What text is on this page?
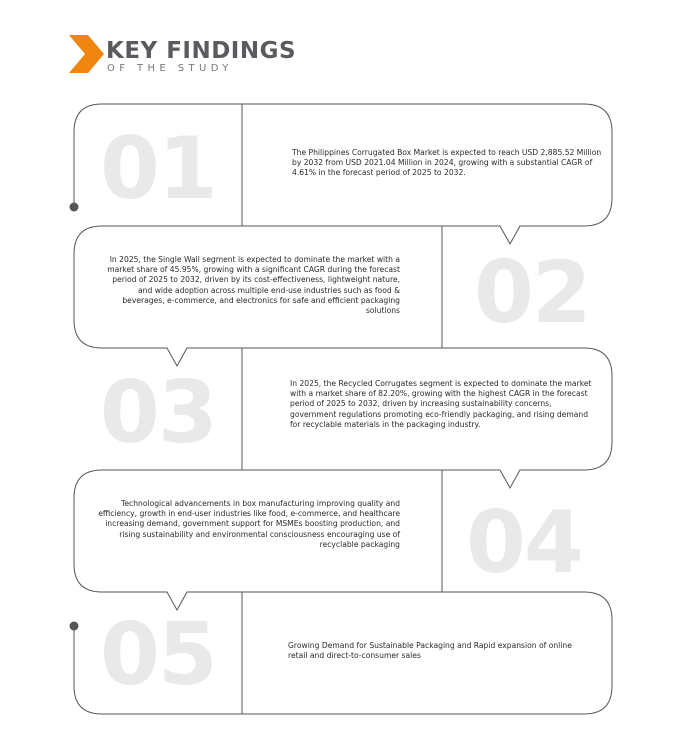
KEY FINDINGS

OF THE STUDY

01	The Philippines Corrugated Box Market is expected to reach USD 2,885.52 Million by 2032 from USD 2021.04 Million in 2024, growing with a substantial CAGR of 4.61% in the forecast period of 2025 to 2032.

02

In 2025, the Single Wall segment is expected to dominate the market with a market share of 45.95%, growing with a significant CAGR during the forecast period of 2025 to 2032, driven by its cost-effectiveness, lightweight nature, and wide adoption across multiple end-use industries such as food & beverages, e-commerce, and electronics for safe and efficient packaging solutions

03	In 2025, the Recycled Corrugates segment is expected to dominate the market with a market share of 82.20%, growing with the highest CAGR in the forecast period of 2025 to 2032, driven by increasing sustainability concerns, government regulations promoting eco-friendly packaging, and rising demand for recyclable materials in the packaging industry.

04

Technological advancements in box manufacturing improving quality and efficiency, growth in end-user industries like food, e-commerce, and healthcare increasing demand, government support for MSMEs boosting production, and rising sustainability and environmental consciousness encouraging use of recyclable packaging

05	Growing Demand for Sustainable Packaging and Rapid expansion of online retail and direct-to-consumer sales
